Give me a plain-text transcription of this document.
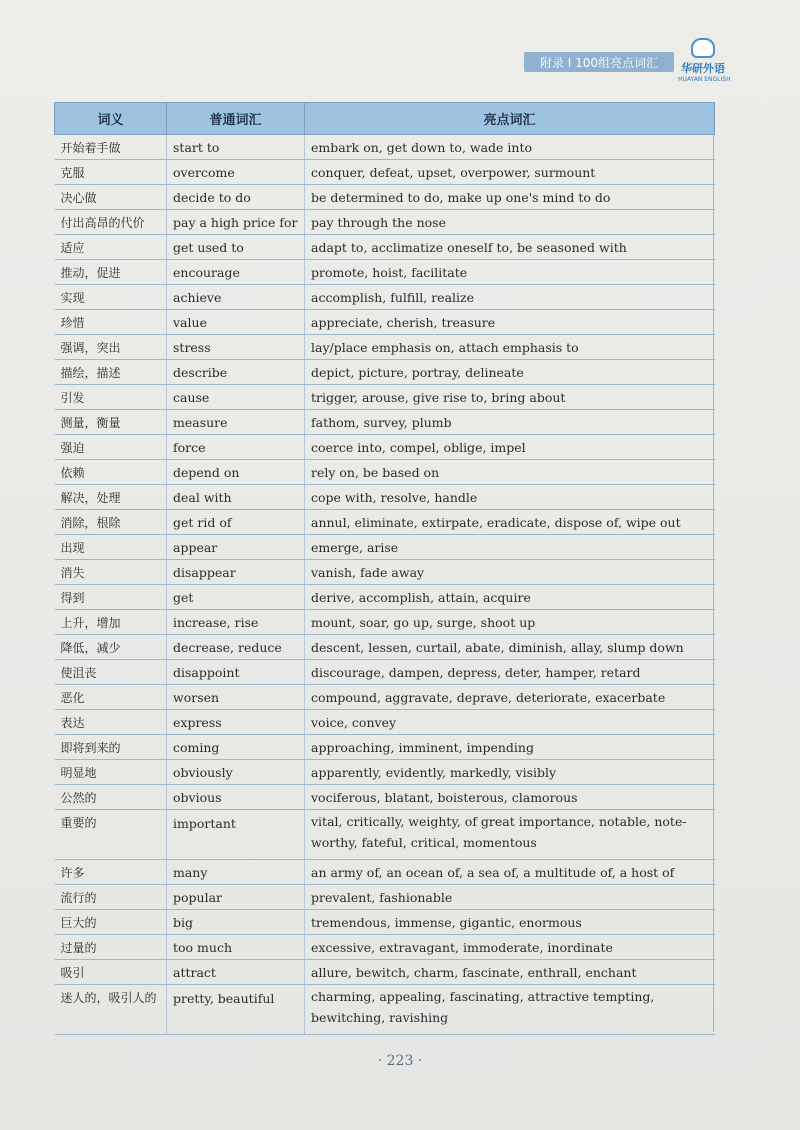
附录 I 100组亮点词汇	华研外语
HUAYAN ENGLISH
词义	普通词汇	亮点词汇
开始着手做	start to	embark on, get down to, wade into
克服	overcome	conquer, defeat, upset, overpower, surmount
决心做	decide to do	be determined to do, make up one's mind to do
付出高昂的代价	pay a high price for	pay through the nose
适应	get used to	adapt to, acclimatize oneself to, be seasoned with
推动，促进	encourage	promote, hoist, facilitate
实现	achieve	accomplish, fulfill, realize
珍惜	value	appreciate, cherish, treasure
强调，突出	stress	lay/place emphasis on, attach emphasis to
描绘，描述	describe	depict, picture, portray, delineate
引发	cause	trigger, arouse, give rise to, bring about
测量，衡量	measure	fathom, survey, plumb
强迫	force	coerce into, compel, oblige, impel
依赖	depend on	rely on, be based on
解决，处理	deal with	cope with, resolve, handle
消除，根除	get rid of	annul, eliminate, extirpate, eradicate, dispose of, wipe out
出现	appear	emerge, arise
消失	disappear	vanish, fade away
得到	get	derive, accomplish, attain, acquire
上升，增加	increase, rise	mount, soar, go up, surge, shoot up
降低，减少	decrease, reduce	descent, lessen, curtail, abate, diminish, allay, slump down
使沮丧	disappoint	discourage, dampen, depress, deter, hamper, retard
恶化	worsen	compound, aggravate, deprave, deteriorate, exacerbate
表达	express	voice, convey
即将到来的	coming	approaching, imminent, impending
明显地	obviously	apparently, evidently, markedly, visibly
公然的	obvious	vociferous, blatant, boisterous, clamorous
重要的	important	vital, critically, weighty, of great importance, notable, note-worthy, fateful, critical, momentous
许多	many	an army of, an ocean of, a sea of, a multitude of, a host of
流行的	popular	prevalent, fashionable
巨大的	big	tremendous, immense, gigantic, enormous
过量的	too much	excessive, extravagant, immoderate, inordinate
吸引	attract	allure, bewitch, charm, fascinate, enthrall, enchant
迷人的，吸引人的	pretty, beautiful	charming, appealing, fascinating, attractive tempting, bewitching, ravishing
· 223 ·
